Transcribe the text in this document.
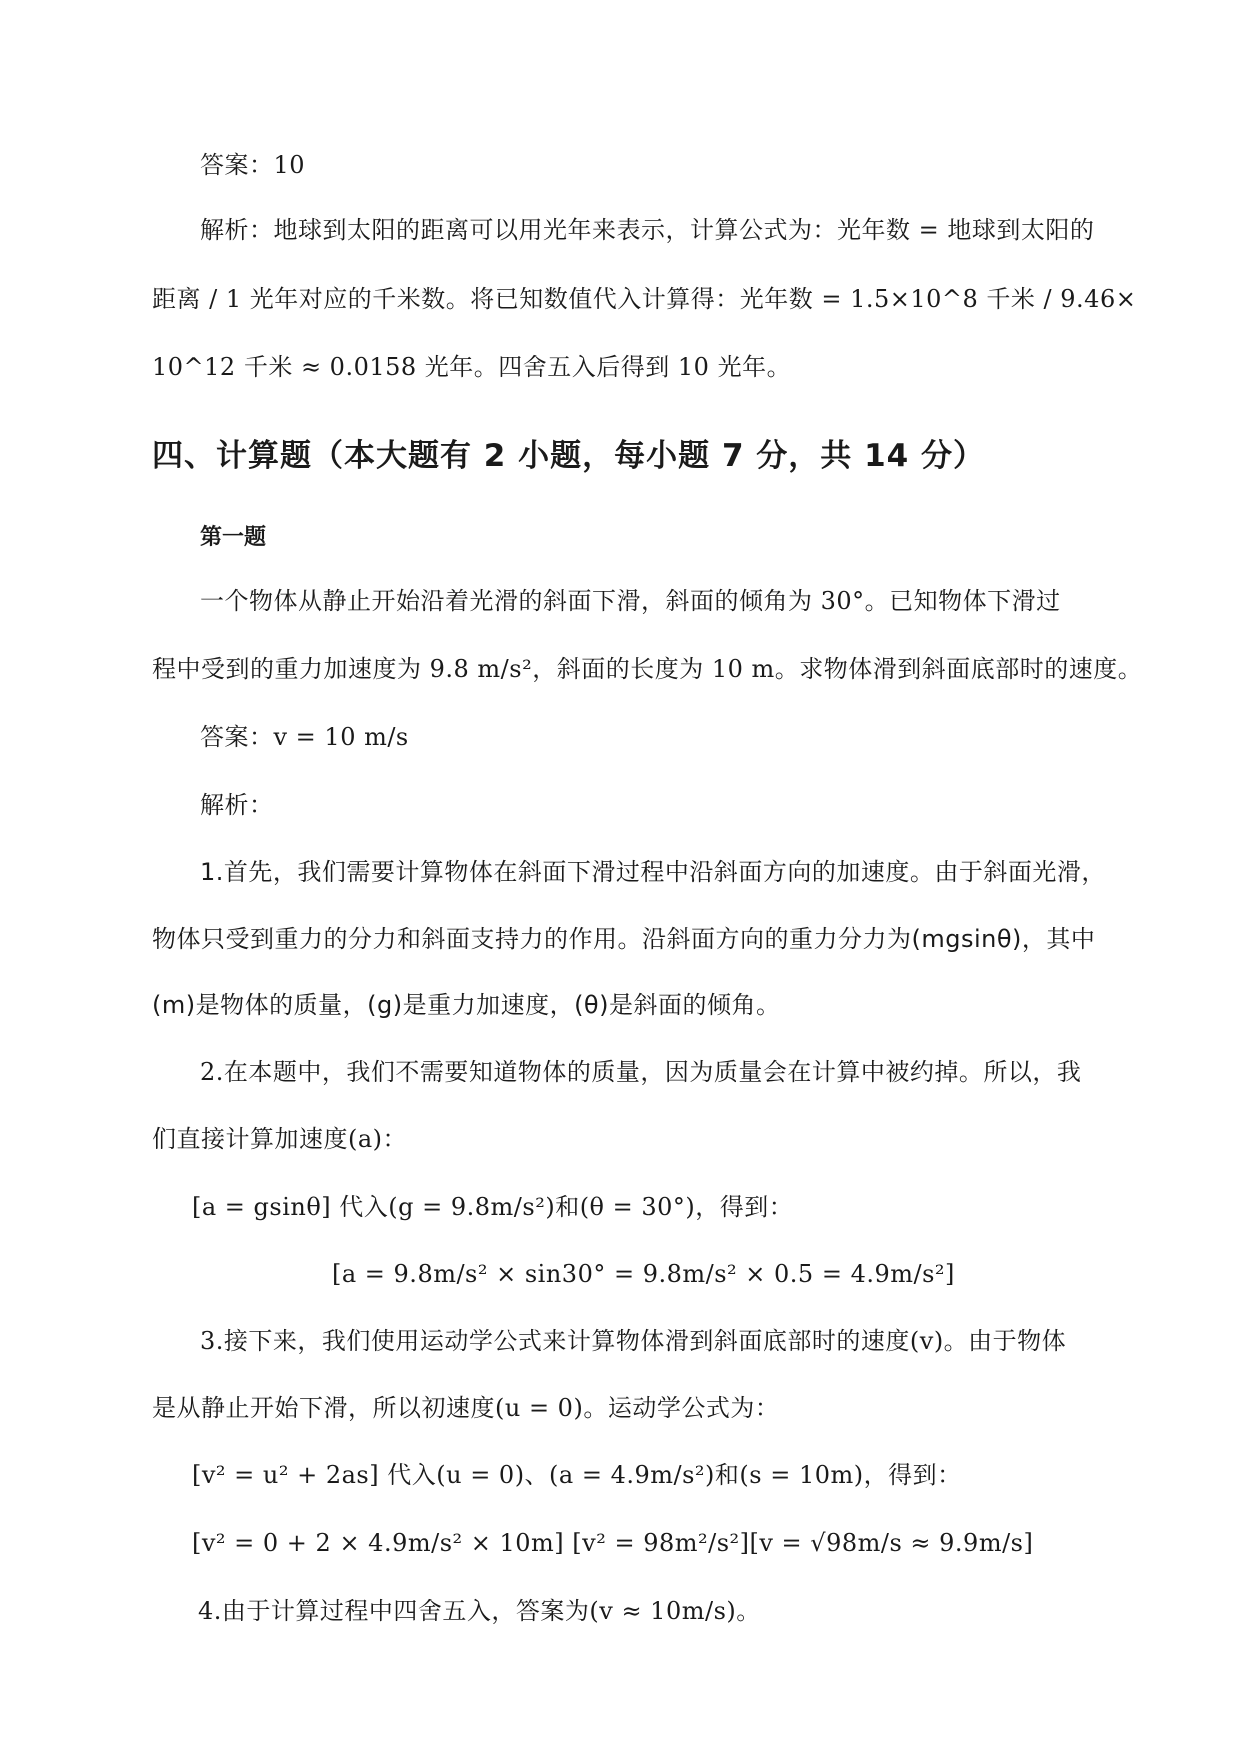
答案：10
解析：地球到太阳的距离可以用光年来表示，计算公式为：光年数 = 地球到太阳的
距离 / 1 光年对应的千米数。将已知数值代入计算得：光年数 = 1.5×10^8 千米 / 9.46×
10^12 千米 ≈ 0.0158 光年。四舍五入后得到 10 光年。
四、计算题（本大题有 2 小题，每小题 7 分，共 14 分）
第一题
一个物体从静止开始沿着光滑的斜面下滑，斜面的倾角为 30°。已知物体下滑过
程中受到的重力加速度为 9.8 m/s²，斜面的长度为 10 m。求物体滑到斜面底部时的速度。
答案：v = 10 m/s
解析：
1.首先，我们需要计算物体在斜面下滑过程中沿斜面方向的加速度。由于斜面光滑，
物体只受到重力的分力和斜面支持力的作用。沿斜面方向的重力分力为(mgsinθ)，其中
(m)是物体的质量，(g)是重力加速度，(θ)是斜面的倾角。
2.在本题中，我们不需要知道物体的质量，因为质量会在计算中被约掉。所以，我
们直接计算加速度(a)：
[a = gsinθ] 代入(g = 9.8m/s²)和(θ = 30°)，得到：
[a = 9.8m/s² × sin30° = 9.8m/s² × 0.5 = 4.9m/s²]
3.接下来，我们使用运动学公式来计算物体滑到斜面底部时的速度(v)。由于物体
是从静止开始下滑，所以初速度(u = 0)。运动学公式为：
[v² = u² + 2as] 代入(u = 0)、(a = 4.9m/s²)和(s = 10m)，得到：
[v² = 0 + 2 × 4.9m/s² × 10m] [v² = 98m²/s²][v = √98m/s ≈ 9.9m/s]
4.由于计算过程中四舍五入，答案为(v ≈ 10m/s)。
